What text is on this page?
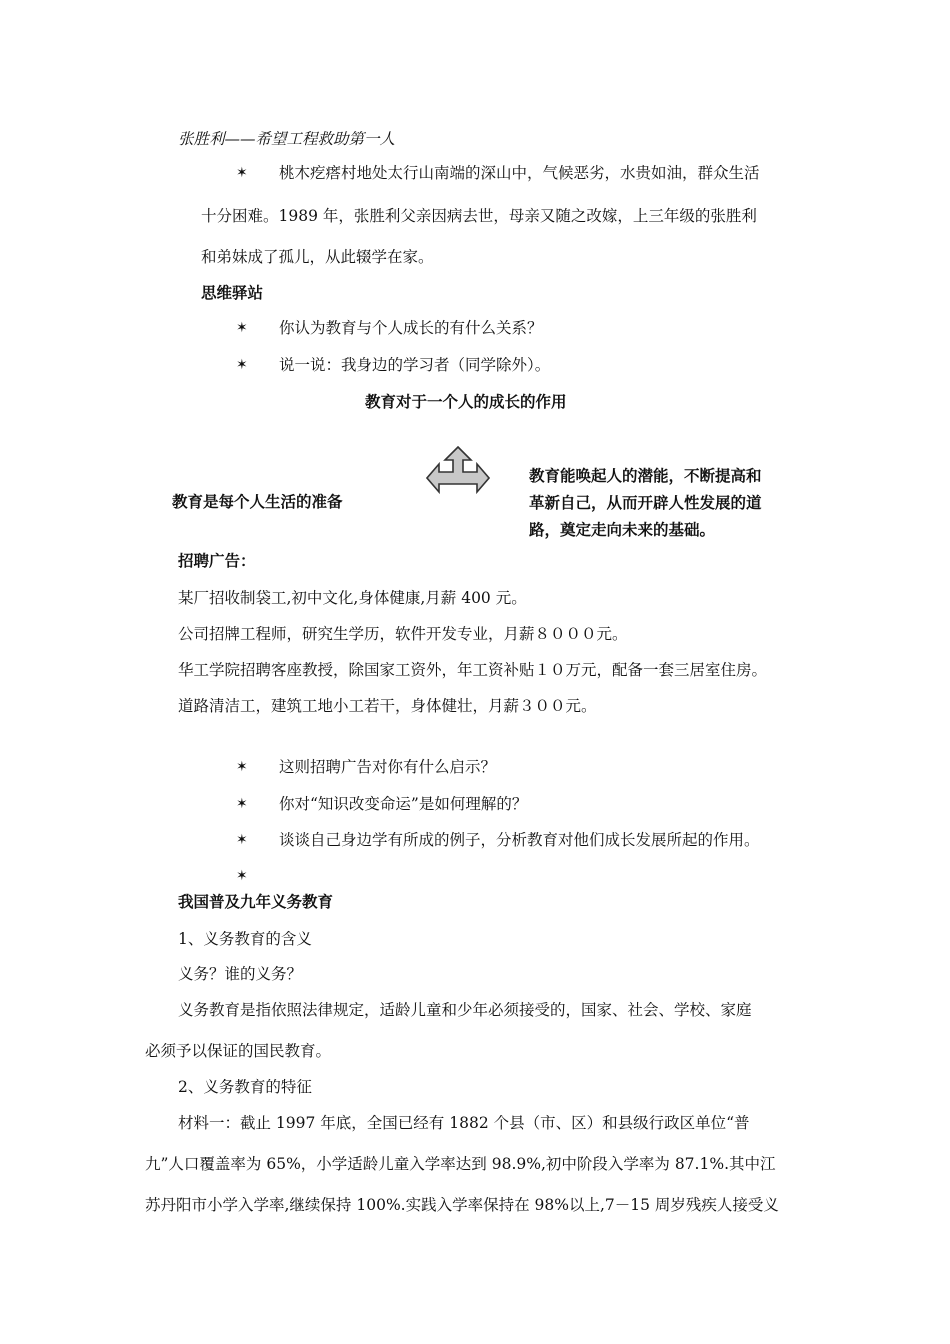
张胜利——希望工程救助第一人
✶ 桃木疙瘩村地处太行山南端的深山中，气候恶劣，水贵如油，群众生活
十分困难。1989 年，张胜利父亲因病去世，母亲又随之改嫁，上三年级的张胜利
和弟妹成了孤儿，从此辍学在家。
思维驿站
✶ 你认为教育与个人成长的有什么关系？
✶ 说一说：我身边的学习者（同学除外）。
教育对于一个人的成长的作用
教育是每个人生活的准备
教育能唤起人的潜能，不断提高和
革新自己，从而开辟人性发展的道
路，奠定走向未来的基础。
招聘广告：
某厂招收制袋工,初中文化,身体健康,月薪 400 元。
公司招牌工程师，研究生学历，软件开发专业，月薪８０００元。
华工学院招聘客座教授，除国家工资外，年工资补贴１０万元，配备一套三居室住房。
道路清洁工，建筑工地小工若干，身体健壮，月薪３００元。
✶ 这则招聘广告对你有什么启示？
✶ 你对“知识改变命运”是如何理解的？
✶ 谈谈自己身边学有所成的例子，分析教育对他们成长发展所起的作用。
✶
我国普及九年义务教育
1、义务教育的含义
义务？谁的义务？
义务教育是指依照法律规定，适龄儿童和少年必须接受的，国家、社会、学校、家庭
必须予以保证的国民教育。
2、义务教育的特征
材料一：截止 1997 年底，全国已经有 1882 个县（市、区）和县级行政区单位“普
九”人口覆盖率为 65%，小学适龄儿童入学率达到 98.9%,初中阶段入学率为 87.1%.其中江
苏丹阳市小学入学率,继续保持 100%.实践入学率保持在 98%以上,7－15 周岁残疾人接受义
